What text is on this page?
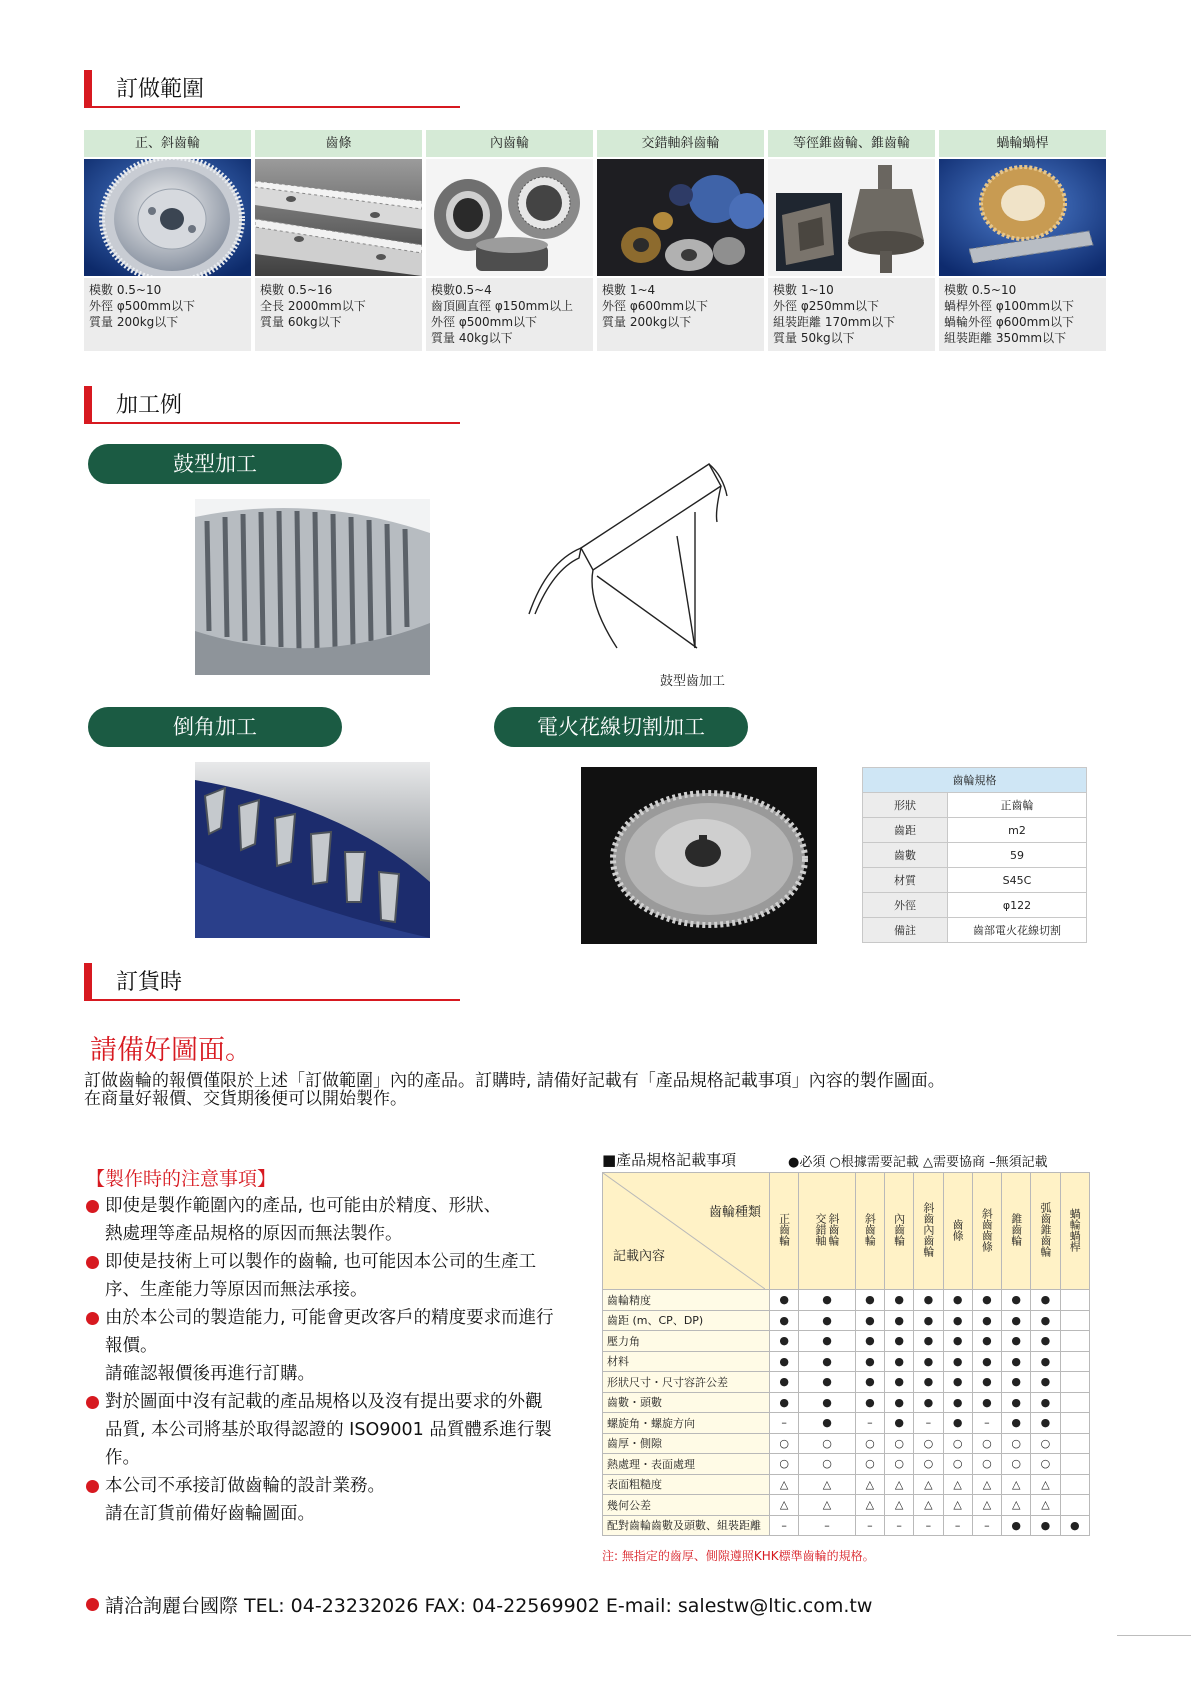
訂做範圍
正、斜齒輪
模數 0.5~10
外徑 φ500mm以下
質量 200kg以下
齒條
模數 0.5~16
全長 2000mm以下
質量 60kg以下
內齒輪
模數0.5~4
齒頂圓直徑 φ150mm以上
外徑 φ500mm以下
質量 40kg以下
交錯軸斜齒輪
模數 1~4
外徑 φ600mm以下
質量 200kg以下
等徑錐齒輪、錐齒輪
模數 1~10
外徑 φ250mm以下
組裝距離 170mm以下
質量 50kg以下
蝸輪蝸桿
模數 0.5~10
蝸桿外徑 φ100mm以下
蝸輪外徑 φ600mm以下
組裝距離 350mm以下
加工例
鼓型加工
鼓型齒加工
倒角加工	電火花線切割加工
齒輪規格	
形狀	正齒輪
齒距	m2
齒數	59
材質	S45C
外徑	φ122
備註	齒部電火花線切割
訂貨時
請備好圖面。
訂做齒輪的報價僅限於上述「訂做範圍」內的產品。訂購時, 請備好記載有「產品規格記載事項」內容的製作圖面。
在商量好報價、交貨期後便可以開始製作。
【製作時的注意事項】
即使是製作範圍內的產品, 也可能由於精度、形狀、
熱處理等產品規格的原因而無法製作。
即使是技術上可以製作的齒輪, 也可能因本公司的生產工
序、生產能力等原因而無法承接。
由於本公司的製造能力, 可能會更改客戶的精度要求而進行
報價。
請確認報價後再進行訂購。
對於圖面中沒有記載的產品規格以及沒有提出要求的外觀
品質, 本公司將基於取得認證的 ISO9001 品質體系進行製
作。
本公司不承接訂做齒輪的設計業務。
請在訂貨前備好齒輪圖面。
■產品規格記載事項	●必須 ○根據需要記載 △需要協商 –無須記載
齒輪種類
記載內容	正齒輪	交錯軸斜齒輪	斜齒輪	內齒輪	斜齒內齒輪	齒條	斜齒齒條	錐齒輪	弧齒錐齒輪	蝸輪蝸桿
齒輪精度	●	●	●	●	●	●	●	●	●	
齒距 (m、CP、DP)	●	●	●	●	●	●	●	●	●	
壓力角	●	●	●	●	●	●	●	●	●	
材料	●	●	●	●	●	●	●	●	●	
形狀尺寸・尺寸容許公差	●	●	●	●	●	●	●	●	●	
齒數・頭數	●	●	●	●	●	●	●	●	●	
螺旋角・螺旋方向	–	●	–	●	–	●	–	●	●	
齒厚・側隙	○	○	○	○	○	○	○	○	○	
熱處理・表面處理	○	○	○	○	○	○	○	○	○	
表面粗糙度	△	△	△	△	△	△	△	△	△	
幾何公差	△	△	△	△	△	△	△	△	△	
配對齒輪齒數及頭數、組裝距離	–	–	–	–	–	–	–	●	●	●
注: 無指定的齒厚、側隙遵照KHK標準齒輪的規格。
請洽詢麗台國際 TEL: 04-23232026 FAX: 04-22569902 E-mail: salestw@ltic.com.tw
